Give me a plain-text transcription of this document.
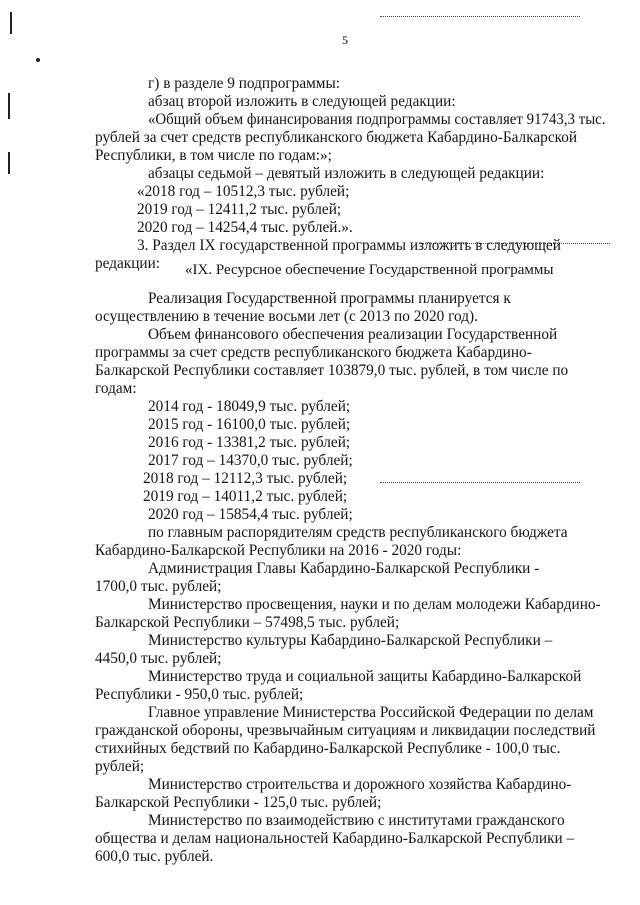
5
г) в разделе 9 подпрограммы:
абзац второй изложить в следующей редакции:
«Общий объем финансирования подпрограммы составляет 91743,3 тыс.
рублей за счет средств республиканского бюджета Кабардино-Балкарской
Республики, в том числе по годам:»;
абзацы седьмой – девятый изложить в следующей редакции:
«2018 год – 10512,3 тыс. рублей;
2019 год – 12411,2 тыс. рублей;
2020 год – 14254,4 тыс. рублей.».
3. Раздел IX государственной программы изложить в следующей
редакции: «IX. Ресурсное обеспечение Государственной программы
Реализация Государственной программы планируется к
осуществлению в течение восьми лет (с 2013 по 2020 год).
Объем финансового обеспечения реализации Государственной
программы за счет средств республиканского бюджета Кабардино-
Балкарской Республики составляет 103879,0 тыс. рублей, в том числе по
годам:
2014 год - 18049,9 тыс. рублей;
2015 год - 16100,0 тыс. рублей;
2016 год - 13381,2 тыс. рублей;
2017 год – 14370,0 тыс. рублей;
2018 год – 12112,3 тыс. рублей;
2019 год – 14011,2 тыс. рублей;
2020 год – 15854,4 тыс. рублей;
по главным распорядителям средств республиканского бюджета
Кабардино-Балкарской Республики на 2016 - 2020 годы:
Администрация Главы Кабардино-Балкарской Республики -
1700,0 тыс. рублей;
Министерство просвещения, науки и по делам молодежи Кабардино-
Балкарской Республики – 57498,5 тыс. рублей;
Министерство культуры Кабардино-Балкарской Республики –
4450,0 тыс. рублей;
Министерство труда и социальной защиты Кабардино-Балкарской
Республики - 950,0 тыс. рублей;
Главное управление Министерства Российской Федерации по делам
гражданской обороны, чрезвычайным ситуациям и ликвидации последствий
стихийных бедствий по Кабардино-Балкарской Республике - 100,0 тыс.
рублей;
Министерство строительства и дорожного хозяйства Кабардино-
Балкарской Республики - 125,0 тыс. рублей;
Министерство по взаимодействию с институтами гражданского
общества и делам национальностей Кабардино-Балкарской Республики –
600,0 тыс. рублей.
